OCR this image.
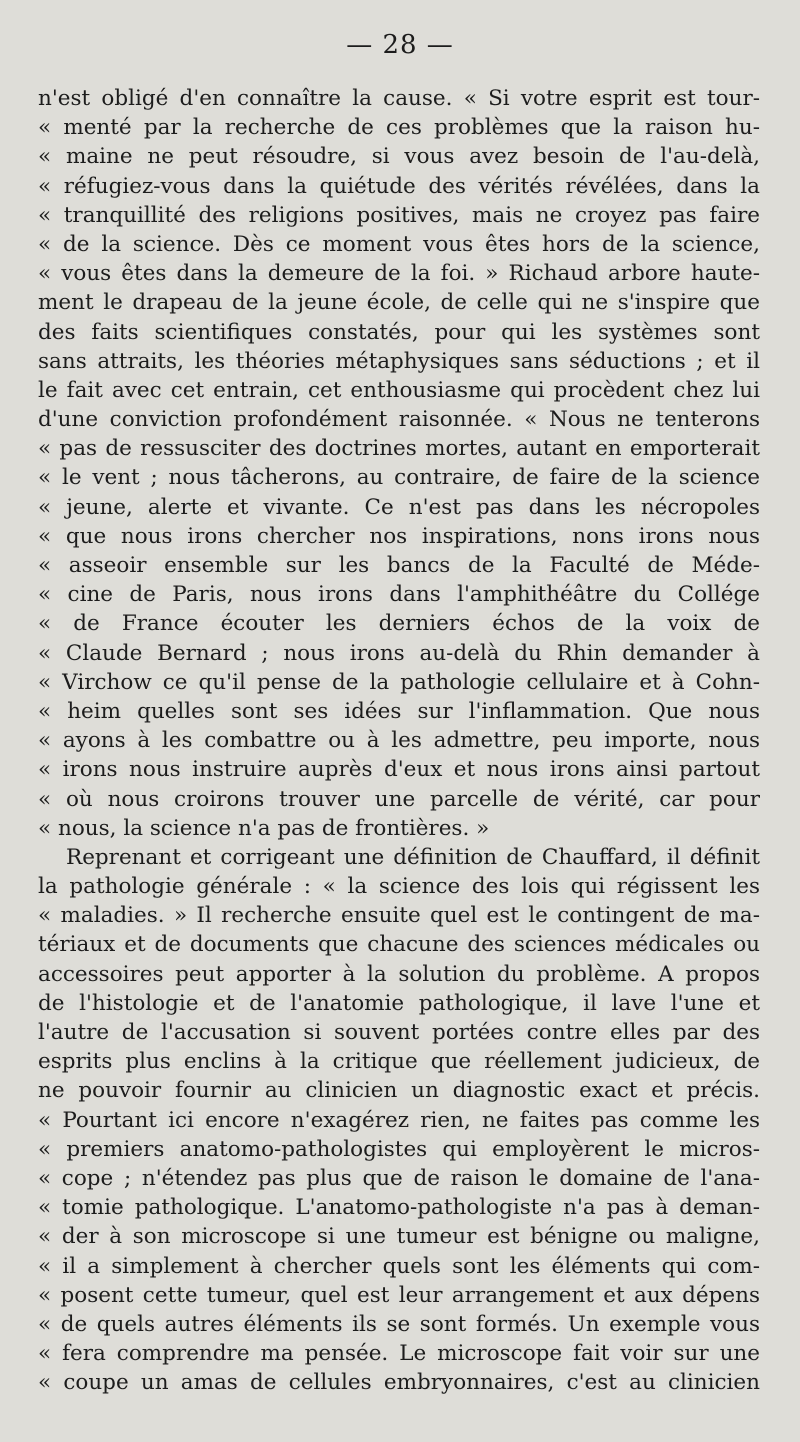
— 28 —
n'est obligé d'en connaître la cause. « Si votre esprit est tour-
« menté par la recherche de ces problèmes que la raison hu-
« maine ne peut résoudre, si vous avez besoin de l'au-delà,
« réfugiez-vous dans la quiétude des vérités révélées, dans la
« tranquillité des religions positives, mais ne croyez pas faire
« de la science. Dès ce moment vous êtes hors de la science,
« vous êtes dans la demeure de la foi. » Richaud arbore haute-
ment le drapeau de la jeune école, de celle qui ne s'inspire que
des faits scientifiques constatés, pour qui les systèmes sont
sans attraits, les théories métaphysiques sans séductions ; et il
le fait avec cet entrain, cet enthousiasme qui procèdent chez lui
d'une conviction profondément raisonnée. « Nous ne tenterons
« pas de ressusciter des doctrines mortes, autant en emporterait
« le vent ; nous tâcherons, au contraire, de faire de la science
« jeune, alerte et vivante. Ce n'est pas dans les nécropoles
« que nous irons chercher nos inspirations, nons irons nous
« asseoir ensemble sur les bancs de la Faculté de Méde-
« cine de Paris, nous irons dans l'amphithéâtre du Collége
« de France écouter les derniers échos de la voix de
« Claude Bernard ; nous irons au-delà du Rhin demander à
« Virchow ce qu'il pense de la pathologie cellulaire et à Cohn-
« heim quelles sont ses idées sur l'inflammation. Que nous
« ayons à les combattre ou à les admettre, peu importe, nous
« irons nous instruire auprès d'eux et nous irons ainsi partout
« où nous croirons trouver une parcelle de vérité, car pour
« nous, la science n'a pas de frontières. »
Reprenant et corrigeant une définition de Chauffard, il définit
la pathologie générale : « la science des lois qui régissent les
« maladies. » Il recherche ensuite quel est le contingent de ma-
tériaux et de documents que chacune des sciences médicales ou
accessoires peut apporter à la solution du problème. A propos
de l'histologie et de l'anatomie pathologique, il lave l'une et
l'autre de l'accusation si souvent portées contre elles par des
esprits plus enclins à la critique que réellement judicieux, de
ne pouvoir fournir au clinicien un diagnostic exact et précis.
« Pourtant ici encore n'exagérez rien, ne faites pas comme les
« premiers anatomo-pathologistes qui employèrent le micros-
« cope ; n'étendez pas plus que de raison le domaine de l'ana-
« tomie pathologique. L'anatomo-pathologiste n'a pas à deman-
« der à son microscope si une tumeur est bénigne ou maligne,
« il a simplement à chercher quels sont les éléments qui com-
« posent cette tumeur, quel est leur arrangement et aux dépens
« de quels autres éléments ils se sont formés. Un exemple vous
« fera comprendre ma pensée. Le microscope fait voir sur une
« coupe un amas de cellules embryonnaires, c'est au clinicien
